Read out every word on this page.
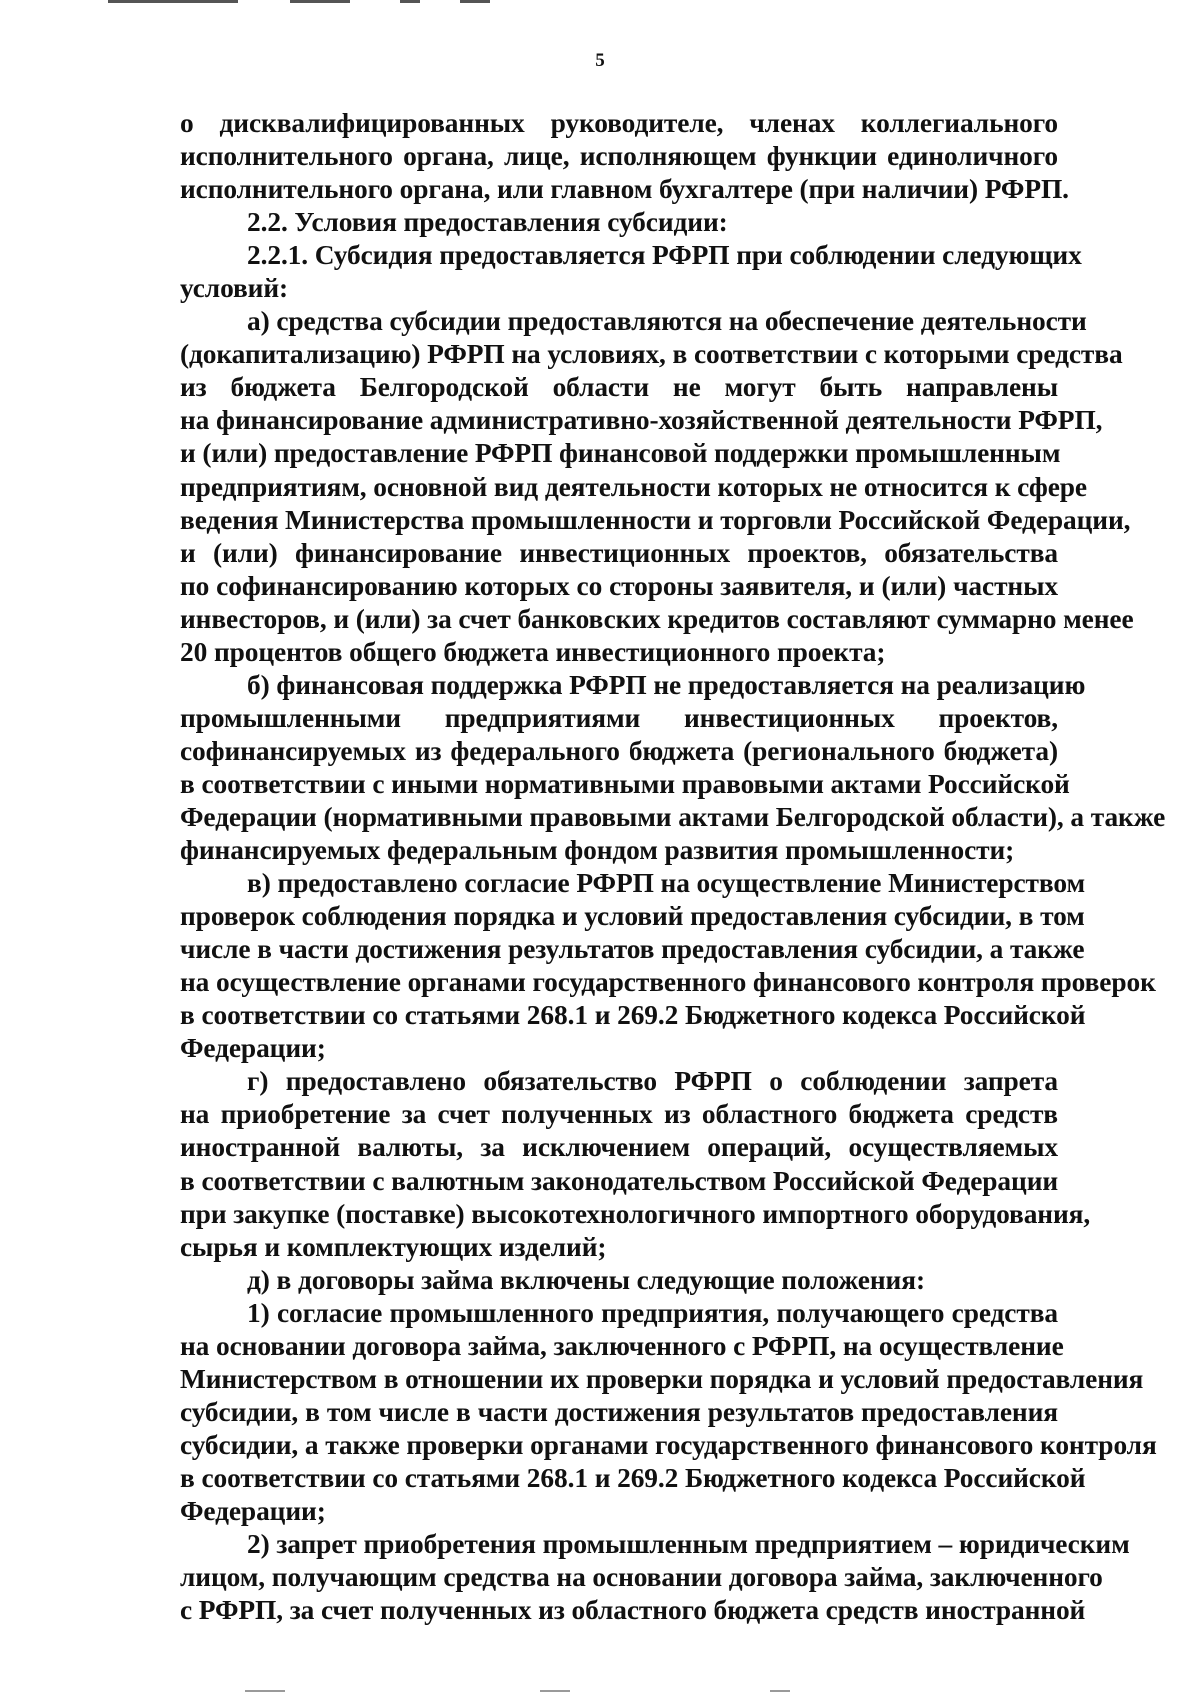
5
о дисквалифицированных руководителе, членах коллегиального
исполнительного органа, лице, исполняющем функции единоличного
исполнительного органа, или главном бухгалтере (при наличии) РФРП.
2.2. Условия предоставления субсидии:
2.2.1. Субсидия предоставляется РФРП при соблюдении следующих
условий:
а) средства субсидии предоставляются на обеспечение деятельности
(докапитализацию) РФРП на условиях, в соответствии с которыми средства
из бюджета Белгородской области не могут быть направлены
на финансирование административно-хозяйственной деятельности РФРП,
и (или) предоставление РФРП финансовой поддержки промышленным
предприятиям, основной вид деятельности которых не относится к сфере
ведения Министерства промышленности и торговли Российской Федерации,
и (или) финансирование инвестиционных проектов, обязательства
по софинансированию которых со стороны заявителя, и (или) частных
инвесторов, и (или) за счет банковских кредитов составляют суммарно менее
20 процентов общего бюджета инвестиционного проекта;
б) финансовая поддержка РФРП не предоставляется на реализацию
промышленными предприятиями инвестиционных проектов,
софинансируемых из федерального бюджета (регионального бюджета)
в соответствии с иными нормативными правовыми актами Российской
Федерации (нормативными правовыми актами Белгородской области), а также
финансируемых федеральным фондом развития промышленности;
в) предоставлено согласие РФРП на осуществление Министерством
проверок соблюдения порядка и условий предоставления субсидии, в том
числе в части достижения результатов предоставления субсидии, а также
на осуществление органами государственного финансового контроля проверок
в соответствии со статьями 268.1 и 269.2 Бюджетного кодекса Российской
Федерации;
г) предоставлено обязательство РФРП о соблюдении запрета
на приобретение за счет полученных из областного бюджета средств
иностранной валюты, за исключением операций, осуществляемых
в соответствии с валютным законодательством Российской Федерации
при закупке (поставке) высокотехнологичного импортного оборудования,
сырья и комплектующих изделий;
д) в договоры займа включены следующие положения:
1) согласие промышленного предприятия, получающего средства
на основании договора займа, заключенного с РФРП, на осуществление
Министерством в отношении их проверки порядка и условий предоставления
субсидии, в том числе в части достижения результатов предоставления
субсидии, а также проверки органами государственного финансового контроля
в соответствии со статьями 268.1 и 269.2 Бюджетного кодекса Российской
Федерации;
2) запрет приобретения промышленным предприятием – юридическим
лицом, получающим средства на основании договора займа, заключенного
с РФРП, за счет полученных из областного бюджета средств иностранной
